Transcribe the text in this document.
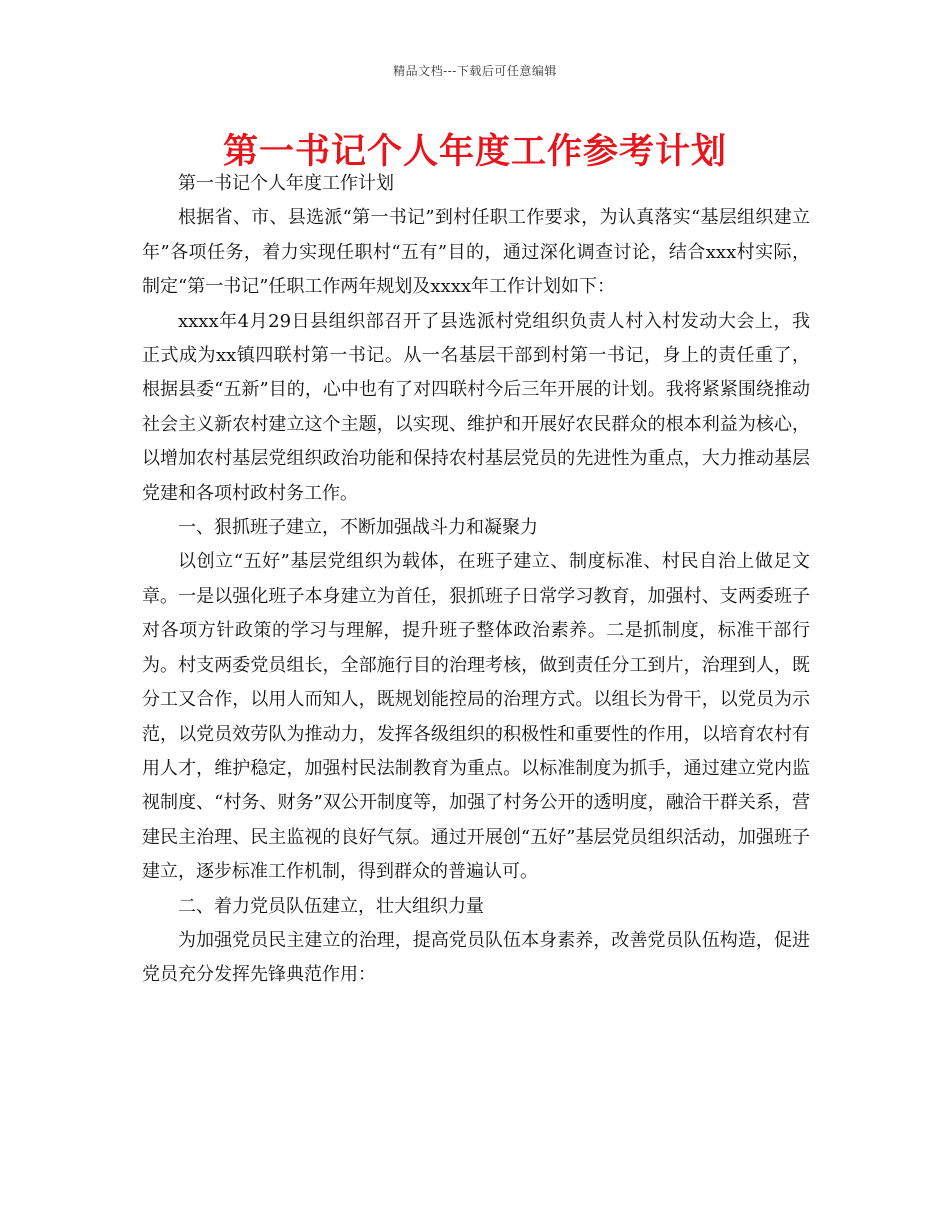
精品文档---下载后可任意编辑
第一书记个人年度工作参考计划

第一书记个人年度工作计划

根据省、市、县选派“第一书记”到村任职工作要求，为认真落实“基层组织建立年”各项任务，着力实现任职村“五有”目的，通过深化调查讨论，结合xxx村实际，制定“第一书记”任职工作两年规划及xxxx年工作计划如下：

xxxx年4月29日县组织部召开了县选派村党组织负责人村入村发动大会上，我正式成为xx镇四联村第一书记。从一名基层干部到村第一书记，身上的责任重了，根据县委“五新”目的，心中也有了对四联村今后三年开展的计划。我将紧紧围绕推动社会主义新农村建立这个主题，以实现、维护和开展好农民群众的根本利益为核心，以增加农村基层党组织政治功能和保持农村基层党员的先进性为重点，大力推动基层党建和各项村政村务工作。

一、狠抓班子建立，不断加强战斗力和凝聚力

以创立“五好”基层党组织为载体，在班子建立、制度标准、村民自治上做足文章。一是以强化班子本身建立为首任，狠抓班子日常学习教育，加强村、支两委班子对各项方针政策的学习与理解，提升班子整体政治素养。二是抓制度，标准干部行为。村支两委党员组长，全部施行目的治理考核，做到责任分工到片，治理到人，既分工又合作，以用人而知人，既规划能控局的治理方式。以组长为骨干，以党员为示范，以党员效劳队为推动力，发挥各级组织的积极性和重要性的作用，以培育农村有用人才，维护稳定，加强村民法制教育为重点。以标准制度为抓手，通过建立党内监视制度、“村务、财务”双公开制度等，加强了村务公开的透明度，融洽干群关系，营建民主治理、民主监视的良好气氛。通过开展创“五好”基层党员组织活动，加强班子建立，逐步标准工作机制，得到群众的普遍认可。

二、着力党员队伍建立，壮大组织力量

为加强党员民主建立的治理，提高党员队伍本身素养，改善党员队伍构造，促进党员充分发挥先锋典范作用：
